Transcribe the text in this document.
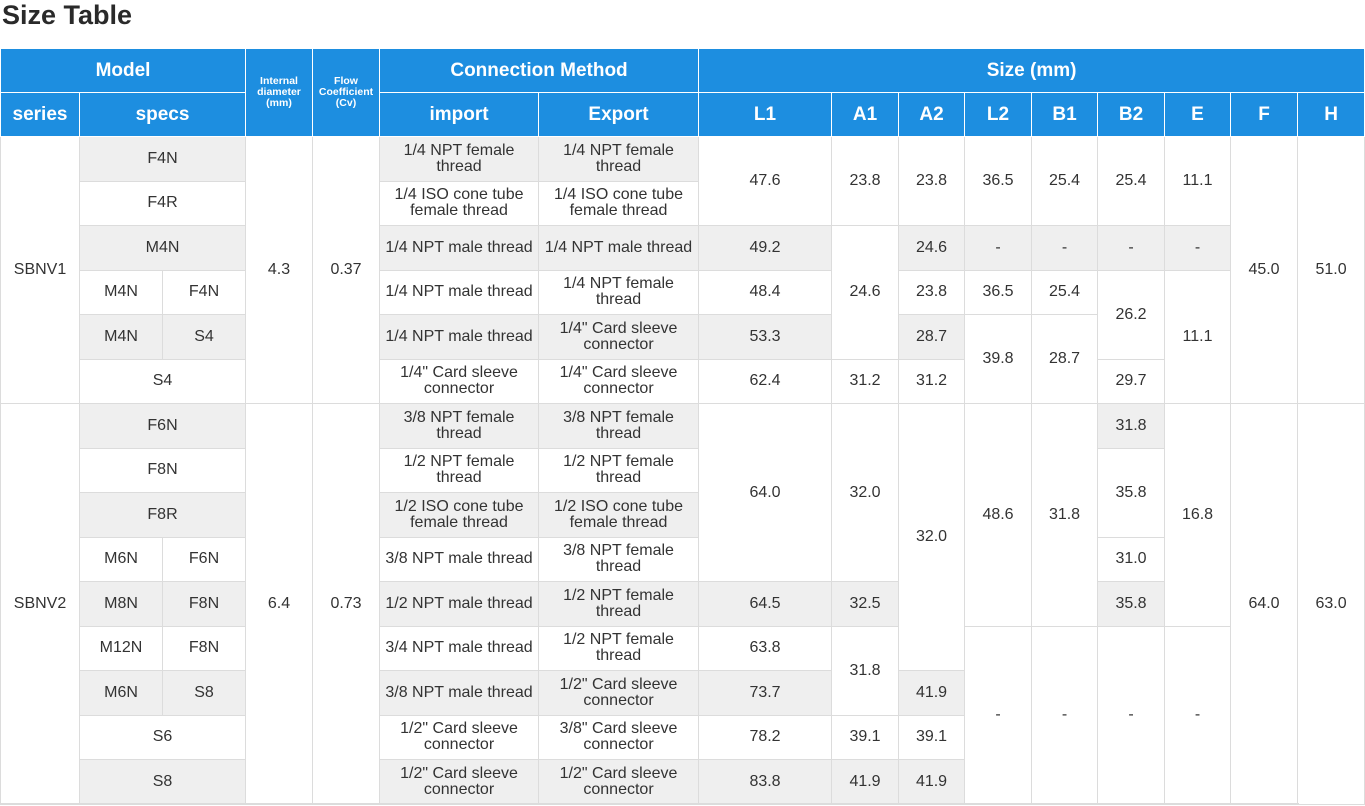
Size Table
Model			Internal diameter (mm)	Flow Coefficient (Cv)	Connection Method		Size (mm)								
series	specs				import	Export	L1	A1	A2	L2	B1	B2	E	F	H
SBNV1	F4N		4.3	0.37	1/4 NPT female thread	1/4 NPT female thread	47.6	23.8	23.8	36.5	25.4	25.4	11.1	45.0	51.0
	F4R				1/4 ISO cone tube female thread	1/4 ISO cone tube female thread									
	M4N				1/4 NPT male thread	1/4 NPT male thread	49.2	24.6	24.6	-	-	-	-		
	M4N	F4N			1/4 NPT male thread	1/4 NPT female thread	48.4		23.8	36.5	25.4	26.2	11.1		
	M4N	S4			1/4 NPT male thread	1/4" Card sleeve connector	53.3		28.7	39.8	28.7				
	S4				1/4" Card sleeve connector	1/4" Card sleeve connector	62.4	31.2	31.2			29.7			
SBNV2	F6N		6.4	0.73	3/8 NPT female thread	3/8 NPT female thread	64.0	32.0	32.0	48.6	31.8	31.8	16.8	64.0	63.0
	F8N				1/2 NPT female thread	1/2 NPT female thread						35.8			
	F8R				1/2 ISO cone tube female thread	1/2 ISO cone tube female thread									
	M6N	F6N			3/8 NPT male thread	3/8 NPT female thread						31.0			
	M8N	F8N			1/2 NPT male thread	1/2 NPT female thread	64.5	32.5				35.8			
	M12N	F8N			3/4 NPT male thread	1/2 NPT female thread	63.8	31.8		-	-	-	-		
	M6N	S8			3/8 NPT male thread	1/2" Card sleeve connector	73.7		41.9						
	S6				1/2" Card sleeve connector	3/8" Card sleeve connector	78.2	39.1	39.1						
	S8				1/2" Card sleeve connector	1/2" Card sleeve connector	83.8	41.9	41.9						
